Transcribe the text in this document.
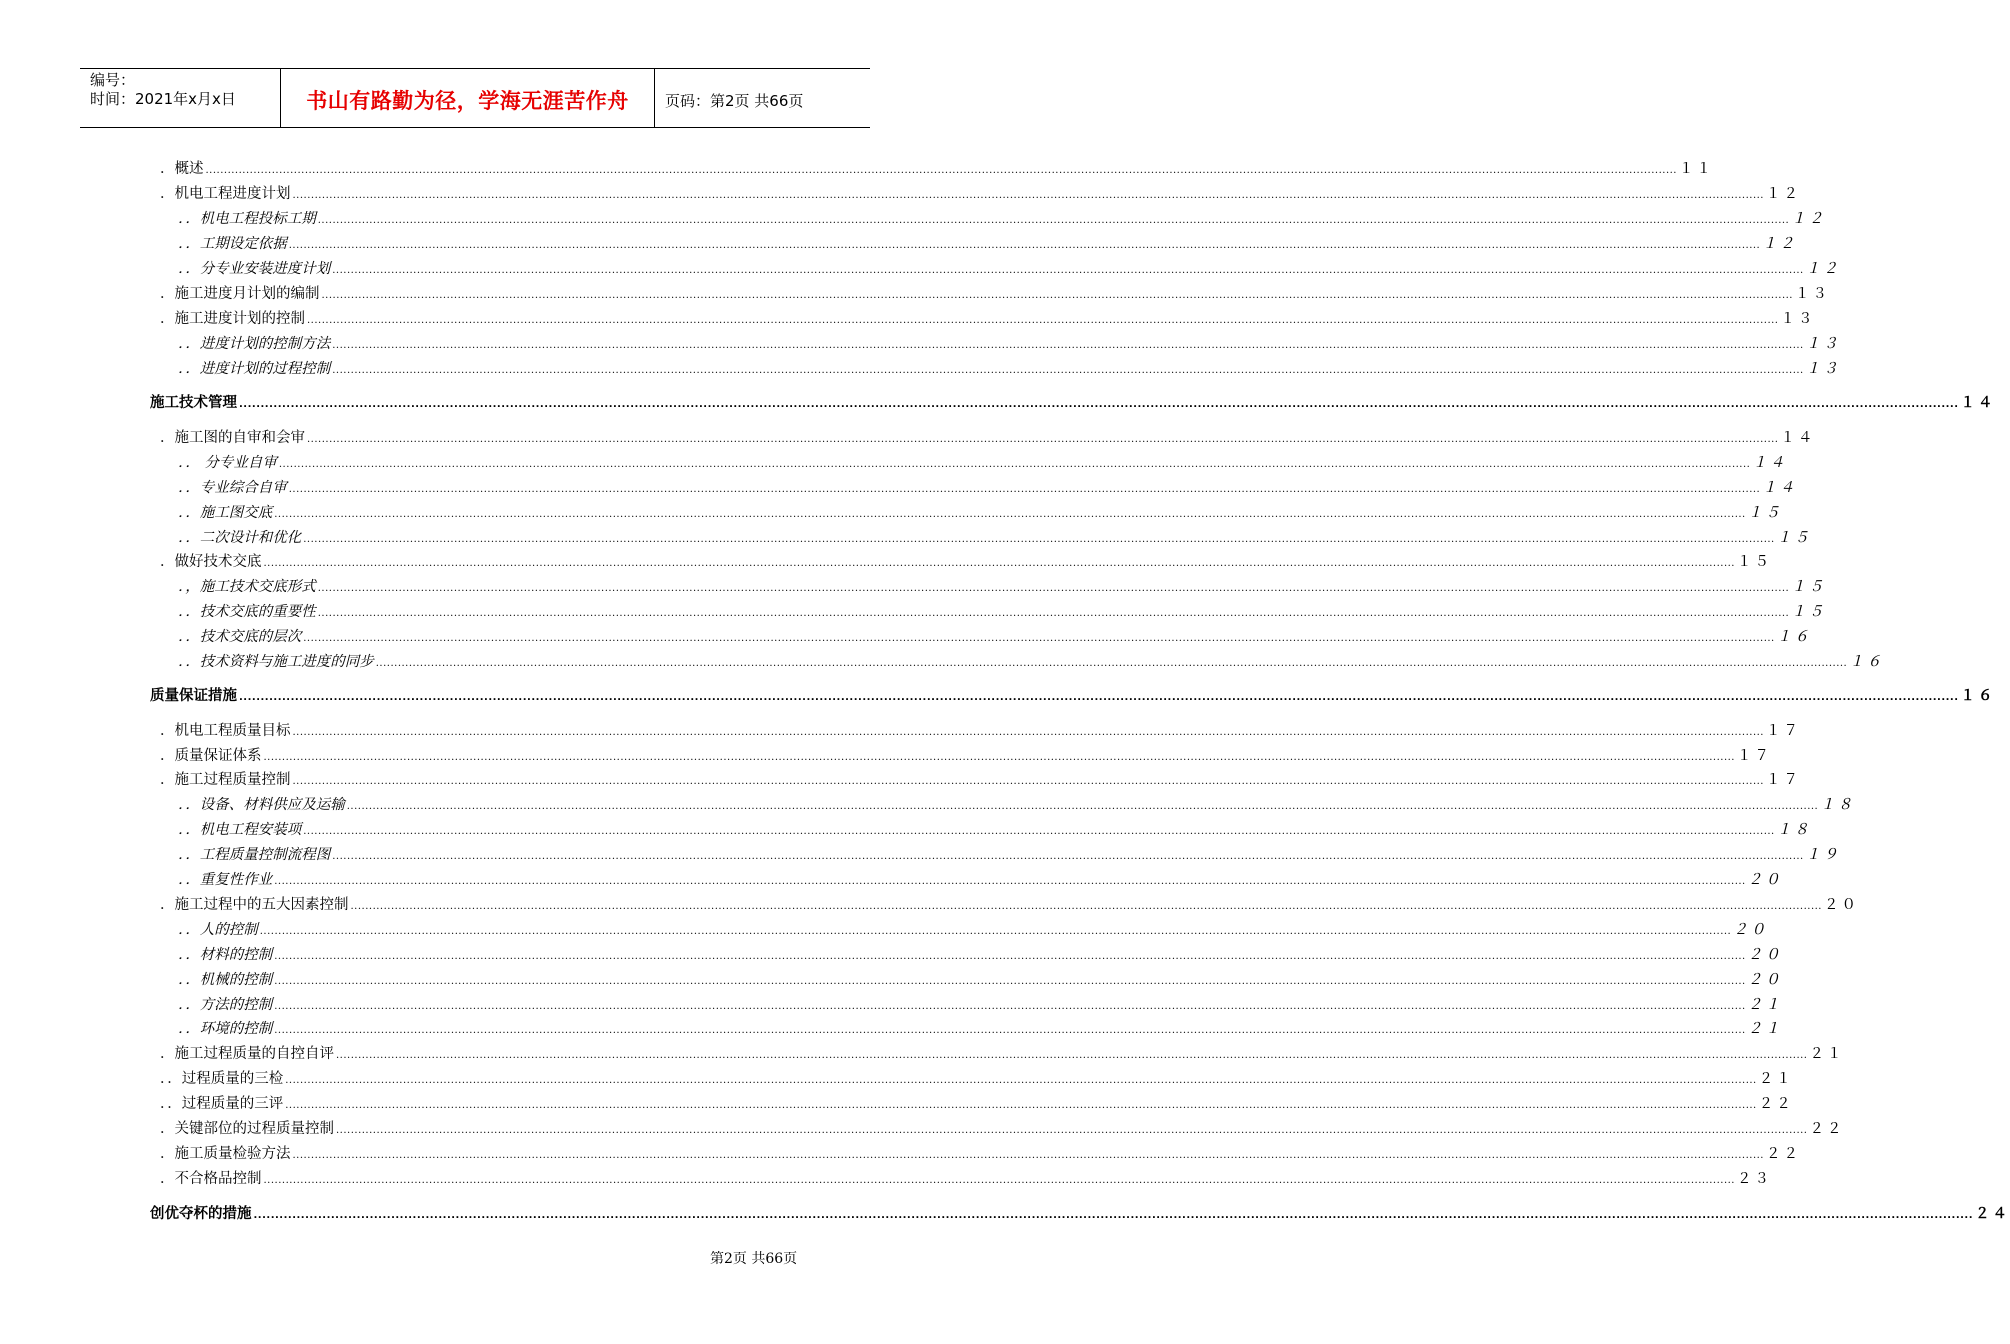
编号：
时间：2021年x月x日	书山有路勤为径，学海无涯苦作舟	页码：第2页 共66页
．概述 ................................................................................................................................................................................................................................................................................................................................................................................................................ １１
．机电工程进度计划 ................................................................................................................................................................................................................................................................................................................................................................................................................ １２
．．机电工程投标工期 ................................................................................................................................................................................................................................................................................................................................................................................................................ １２
．．工期设定依据 ................................................................................................................................................................................................................................................................................................................................................................................................................ １２
．．分专业安装进度计划 ................................................................................................................................................................................................................................................................................................................................................................................................................ １２
．施工进度月计划的编制 ................................................................................................................................................................................................................................................................................................................................................................................................................ １３
．施工进度计划的控制 ................................................................................................................................................................................................................................................................................................................................................................................................................ １３
．．进度计划的控制方法 ................................................................................................................................................................................................................................................................................................................................................................................................................ １３
．．进度计划的过程控制 ................................................................................................................................................................................................................................................................................................................................................................................................................ １３
施工技术管理 ................................................................................................................................................................................................................................................................................................................................................................................................................ １４
．施工图的自审和会审 ................................................................................................................................................................................................................................................................................................................................................................................................................ １４
．． 分专业自审 ................................................................................................................................................................................................................................................................................................................................................................................................................ １４
．．专业综合自审 ................................................................................................................................................................................................................................................................................................................................................................................................................ １４
．．施工图交底 ................................................................................................................................................................................................................................................................................................................................................................................................................ １５
．．二次设计和优化 ................................................................................................................................................................................................................................................................................................................................................................................................................ １５
．做好技术交底 ................................................................................................................................................................................................................................................................................................................................................................................................................ １５
．，施工技术交底形式 ................................................................................................................................................................................................................................................................................................................................................................................................................ １５
．．技术交底的重要性 ................................................................................................................................................................................................................................................................................................................................................................................................................ １５
．．技术交底的层次 ................................................................................................................................................................................................................................................................................................................................................................................................................ １６
．．技术资料与施工进度的同步 ................................................................................................................................................................................................................................................................................................................................................................................................................ １６
质量保证措施 ................................................................................................................................................................................................................................................................................................................................................................................................................ １６
．机电工程质量目标 ................................................................................................................................................................................................................................................................................................................................................................................................................ １７
．质量保证体系 ................................................................................................................................................................................................................................................................................................................................................................................................................ １７
．施工过程质量控制 ................................................................................................................................................................................................................................................................................................................................................................................................................ １７
．．设备、材料供应及运输 ................................................................................................................................................................................................................................................................................................................................................................................................................ １８
．．机电工程安装项 ................................................................................................................................................................................................................................................................................................................................................................................................................ １８
．．工程质量控制流程图 ................................................................................................................................................................................................................................................................................................................................................................................................................ １９
．．重复性作业 ................................................................................................................................................................................................................................................................................................................................................................................................................ ２０
．施工过程中的五大因素控制 ................................................................................................................................................................................................................................................................................................................................................................................................................ ２０
．．人的控制 ................................................................................................................................................................................................................................................................................................................................................................................................................ ２０
．．材料的控制 ................................................................................................................................................................................................................................................................................................................................................................................................................ ２０
．．机械的控制 ................................................................................................................................................................................................................................................................................................................................................................................................................ ２０
．．方法的控制 ................................................................................................................................................................................................................................................................................................................................................................................................................ ２１
．．环境的控制 ................................................................................................................................................................................................................................................................................................................................................................................................................ ２１
．施工过程质量的自控自评 ................................................................................................................................................................................................................................................................................................................................................................................................................ ２１
．．过程质量的三检 ................................................................................................................................................................................................................................................................................................................................................................................................................ ２１
．．过程质量的三评 ................................................................................................................................................................................................................................................................................................................................................................................................................ ２２
．关键部位的过程质量控制 ................................................................................................................................................................................................................................................................................................................................................................................................................ ２２
．施工质量检验方法 ................................................................................................................................................................................................................................................................................................................................................................................................................ ２２
．不合格品控制 ................................................................................................................................................................................................................................................................................................................................................................................................................ ２３
创优夺杯的措施 ................................................................................................................................................................................................................................................................................................................................................................................................................ ２４
第2页 共66页
